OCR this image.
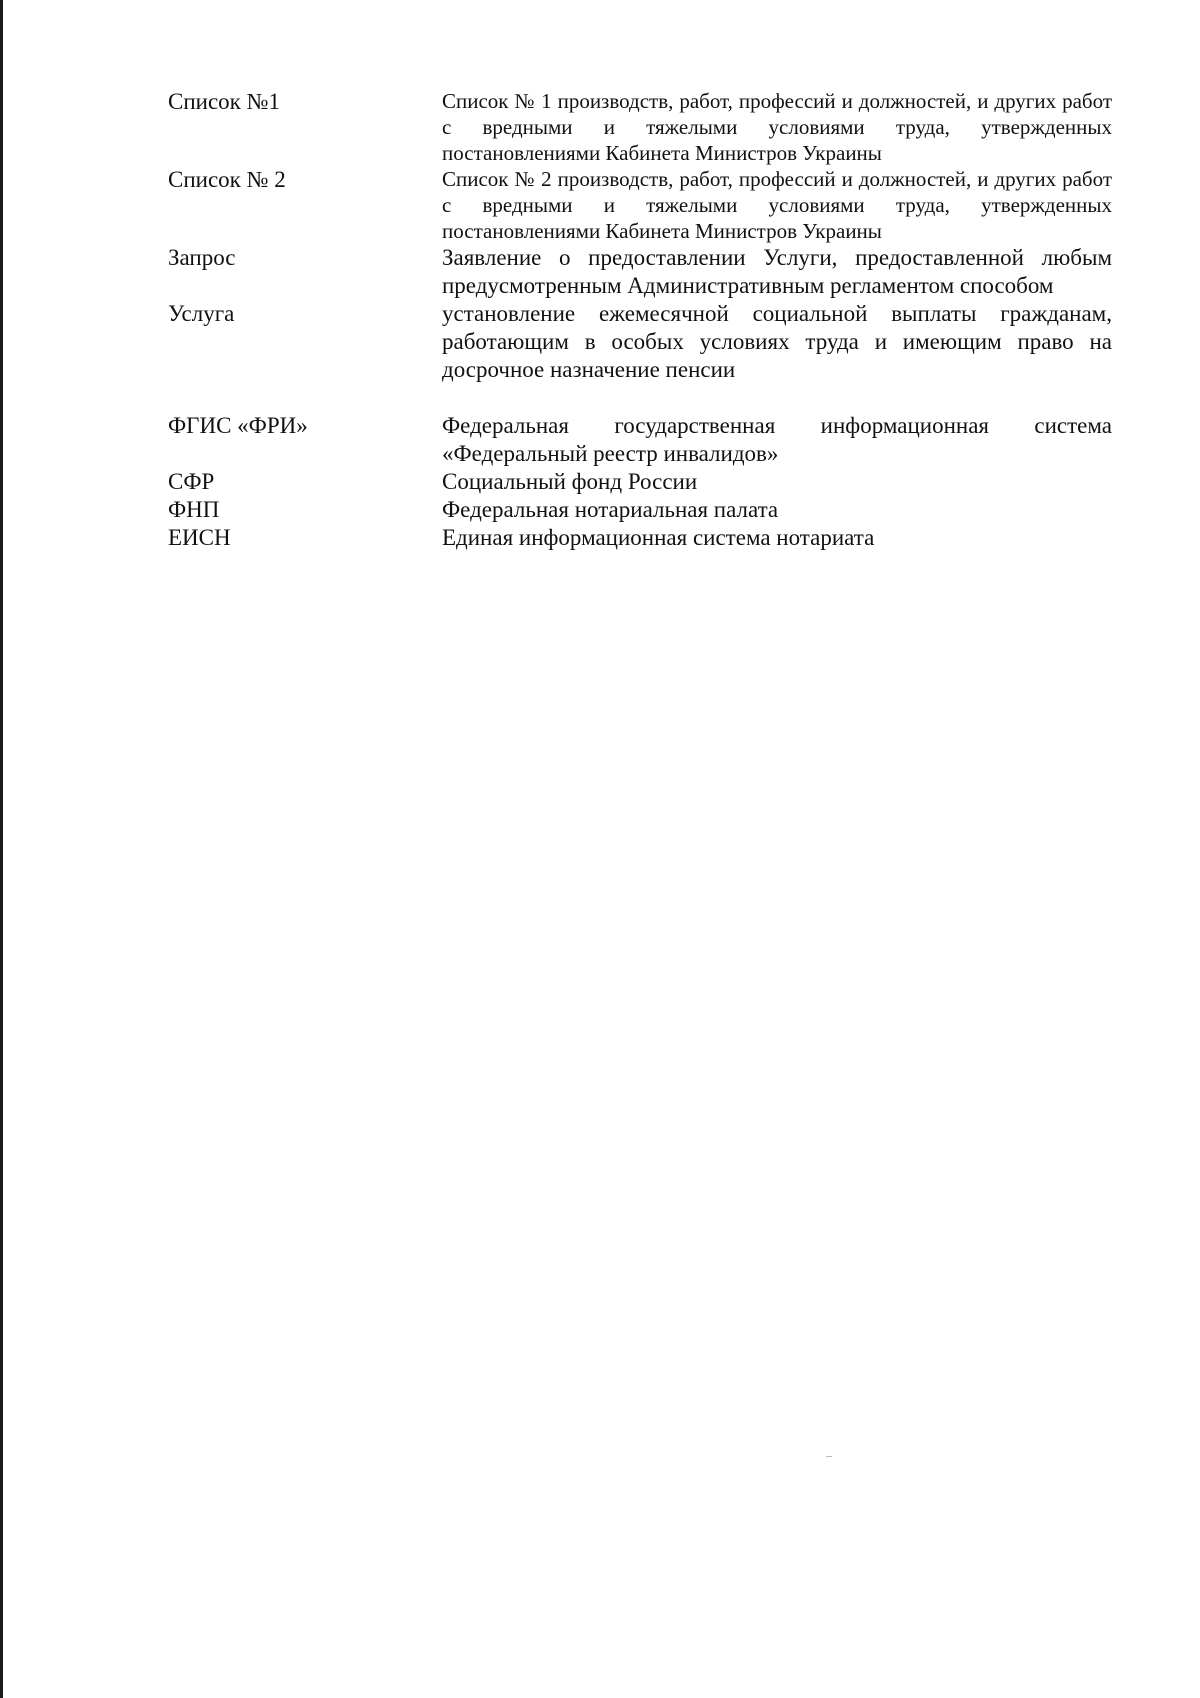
Список №1	Список № 1 производств, работ, профессий и должностей, и других работ с вредными и тяжелыми условиями труда, утвержденных постановлениями Кабинета Министров Украины
Список № 2	Список № 2 производств, работ, профессий и должностей, и других работ с вредными и тяжелыми условиями труда, утвержденных постановлениями Кабинета Министров Украины
Запрос	Заявление о предоставлении Услуги, предоставленной любым предусмотренным Административным регламентом способом
Услуга	установление ежемесячной социальной выплаты гражданам, работающим в особых условиях труда и имеющим право на досрочное назначение пенсии
ФГИС «ФРИ»	Федеральная государственная информационная система «Федеральный реестр инвалидов»
СФР	Социальный фонд России
ФНП	Федеральная нотариальная палата
ЕИСН	Единая информационная система нотариата
